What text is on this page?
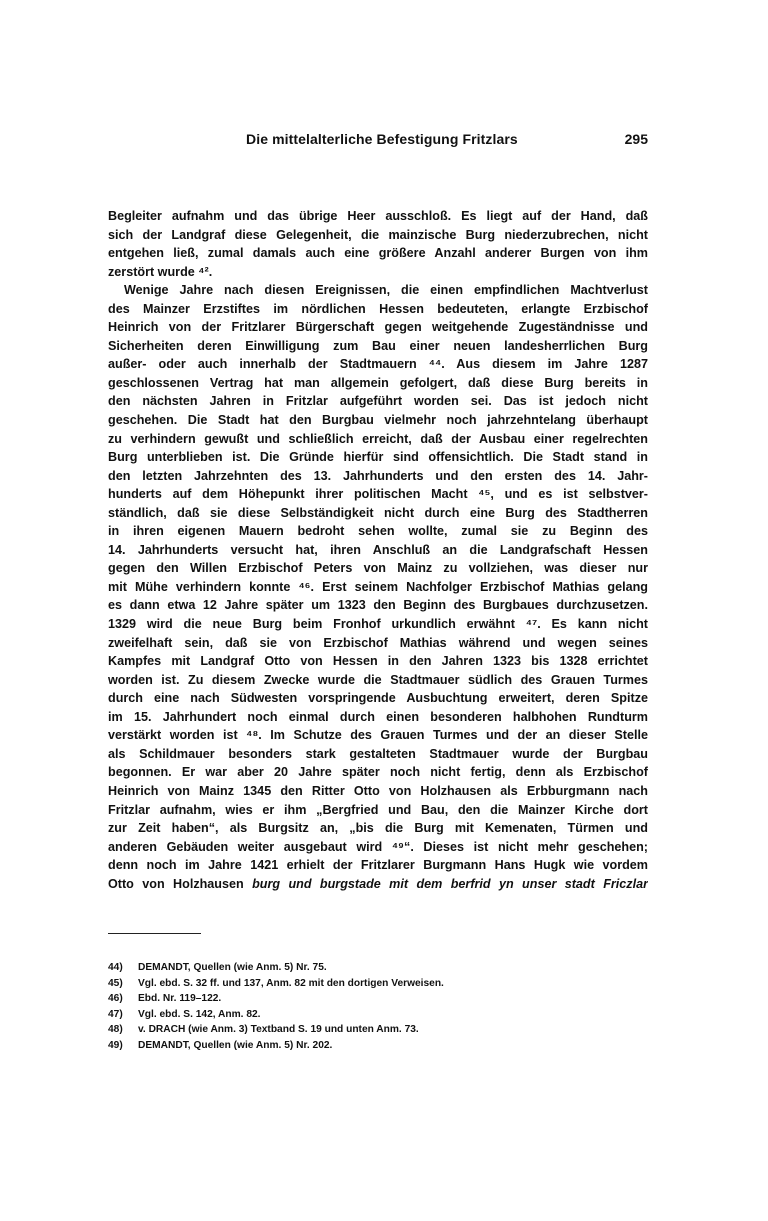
Die mittelalterliche Befestigung Fritzlars	295
Begleiter aufnahm und das übrige Heer ausschloß. Es liegt auf der Hand, daß
sich der Landgraf diese Gelegenheit, die mainzische Burg niederzubrechen, nicht
entgehen ließ, zumal damals auch eine größere Anzahl anderer Burgen von ihm
zerstört wurde ⁴².
Wenige Jahre nach diesen Ereignissen, die einen empfindlichen Machtverlust
des Mainzer Erzstiftes im nördlichen Hessen bedeuteten, erlangte Erzbischof
Heinrich von der Fritzlarer Bürgerschaft gegen weitgehende Zugeständnisse und
Sicherheiten deren Einwilligung zum Bau einer neuen landesherrlichen Burg
außer- oder auch innerhalb der Stadtmauern ⁴⁴. Aus diesem im Jahre 1287
geschlossenen Vertrag hat man allgemein gefolgert, daß diese Burg bereits in
den nächsten Jahren in Fritzlar aufgeführt worden sei. Das ist jedoch nicht
geschehen. Die Stadt hat den Burgbau vielmehr noch jahrzehntelang überhaupt
zu verhindern gewußt und schließlich erreicht, daß der Ausbau einer regelrechten
Burg unterblieben ist. Die Gründe hierfür sind offensichtlich. Die Stadt stand in
den letzten Jahrzehnten des 13. Jahrhunderts und den ersten des 14. Jahr-
hunderts auf dem Höhepunkt ihrer politischen Macht ⁴⁵, und es ist selbstver-
ständlich, daß sie diese Selbständigkeit nicht durch eine Burg des Stadtherren
in ihren eigenen Mauern bedroht sehen wollte, zumal sie zu Beginn des
14. Jahrhunderts versucht hat, ihren Anschluß an die Landgrafschaft Hessen
gegen den Willen Erzbischof Peters von Mainz zu vollziehen, was dieser nur
mit Mühe verhindern konnte ⁴⁶. Erst seinem Nachfolger Erzbischof Mathias gelang
es dann etwa 12 Jahre später um 1323 den Beginn des Burgbaues durchzusetzen.
1329 wird die neue Burg beim Fronhof urkundlich erwähnt ⁴⁷. Es kann nicht
zweifelhaft sein, daß sie von Erzbischof Mathias während und wegen seines
Kampfes mit Landgraf Otto von Hessen in den Jahren 1323 bis 1328 errichtet
worden ist. Zu diesem Zwecke wurde die Stadtmauer südlich des Grauen Turmes
durch eine nach Südwesten vorspringende Ausbuchtung erweitert, deren Spitze
im 15. Jahrhundert noch einmal durch einen besonderen halbhohen Rundturm
verstärkt worden ist ⁴⁸. Im Schutze des Grauen Turmes und der an dieser Stelle
als Schildmauer besonders stark gestalteten Stadtmauer wurde der Burgbau
begonnen. Er war aber 20 Jahre später noch nicht fertig, denn als Erzbischof
Heinrich von Mainz 1345 den Ritter Otto von Holzhausen als Erbburgmann nach
Fritzlar aufnahm, wies er ihm „Bergfried und Bau, den die Mainzer Kirche dort
zur Zeit haben“, als Burgsitz an, „bis die Burg mit Kemenaten, Türmen und
anderen Gebäuden weiter ausgebaut wird ⁴⁹“. Dieses ist nicht mehr geschehen;
denn noch im Jahre 1421 erhielt der Fritzlarer Burgmann Hans Hugk wie vordem
Otto von Holzhausen burg und burgstade mit dem berfrid yn unser stadt Friczlar
44) DEMANDT, Quellen (wie Anm. 5) Nr. 75.
45) Vgl. ebd. S. 32 ff. und 137, Anm. 82 mit den dortigen Verweisen.
46) Ebd. Nr. 119–122.
47) Vgl. ebd. S. 142, Anm. 82.
48) v. DRACH (wie Anm. 3) Textband S. 19 und unten Anm. 73.
49) DEMANDT, Quellen (wie Anm. 5) Nr. 202.
